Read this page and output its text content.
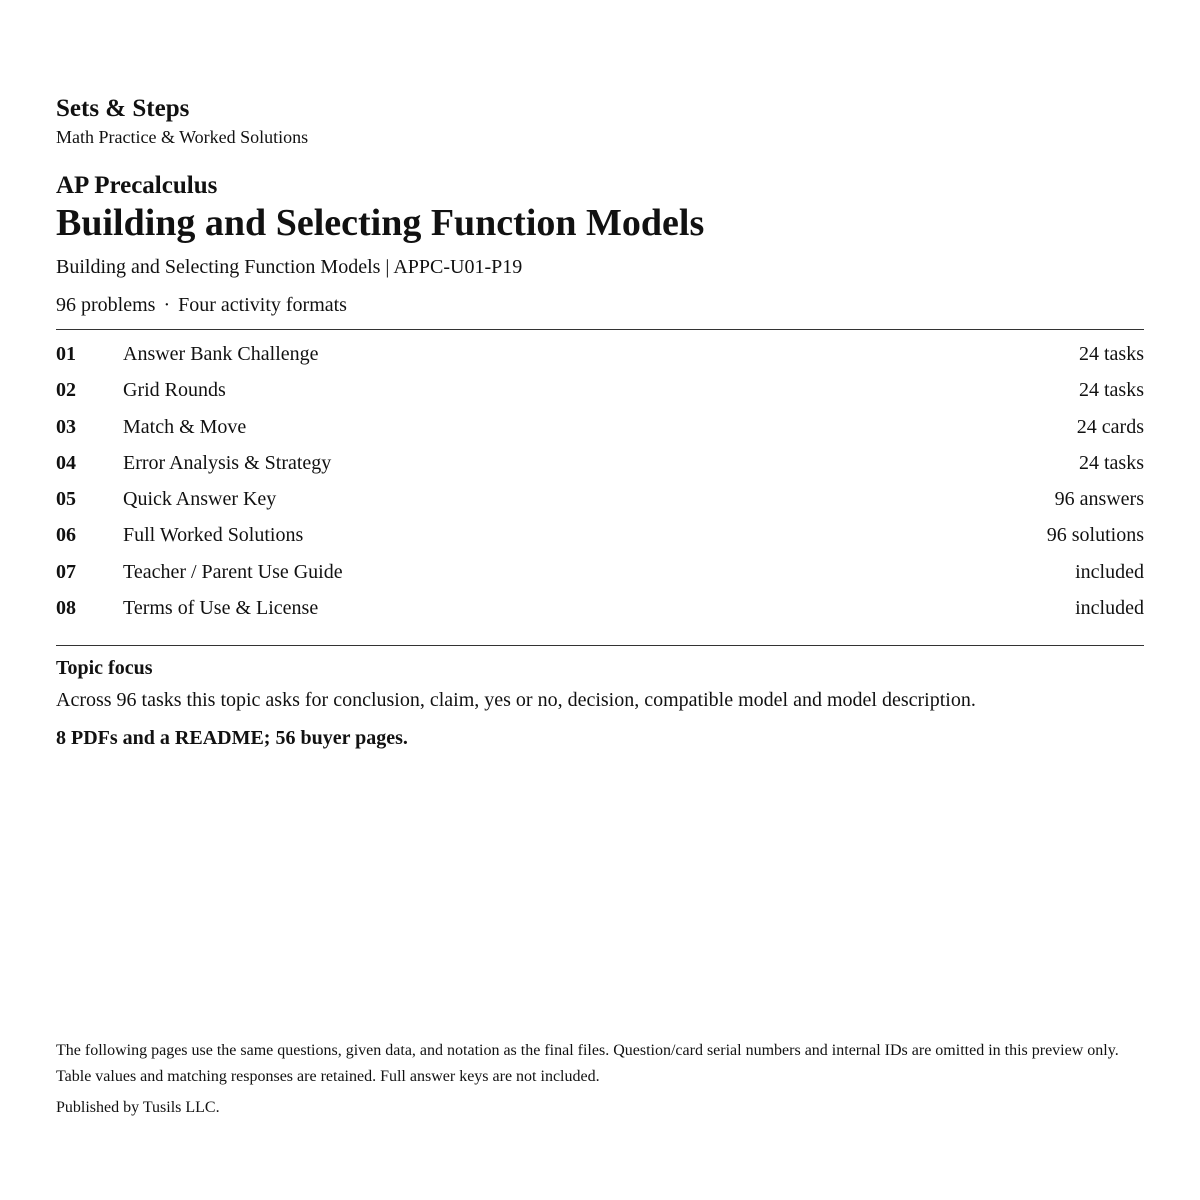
Sets & Steps
Math Practice & Worked Solutions
AP Precalculus
Building and Selecting Function Models
Building and Selecting Function Models | APPC-U01-P19
96 problems · Four activity formats
01 Answer Bank Challenge	24 tasks
02 Grid Rounds	24 tasks
03 Match & Move	24 cards
04 Error Analysis & Strategy	24 tasks
05 Quick Answer Key	96 answers
06 Full Worked Solutions	96 solutions
07 Teacher / Parent Use Guide	included
08 Terms of Use & License	included
Topic focus
Across 96 tasks this topic asks for conclusion, claim, yes or no, decision, compatible model and model description.
8 PDFs and a README; 56 buyer pages.
The following pages use the same questions, given data, and notation as the final files. Question/card serial numbers and internal IDs are omitted in this preview only. Table values and matching responses are retained. Full answer keys are not included.
Published by Tusils LLC.
